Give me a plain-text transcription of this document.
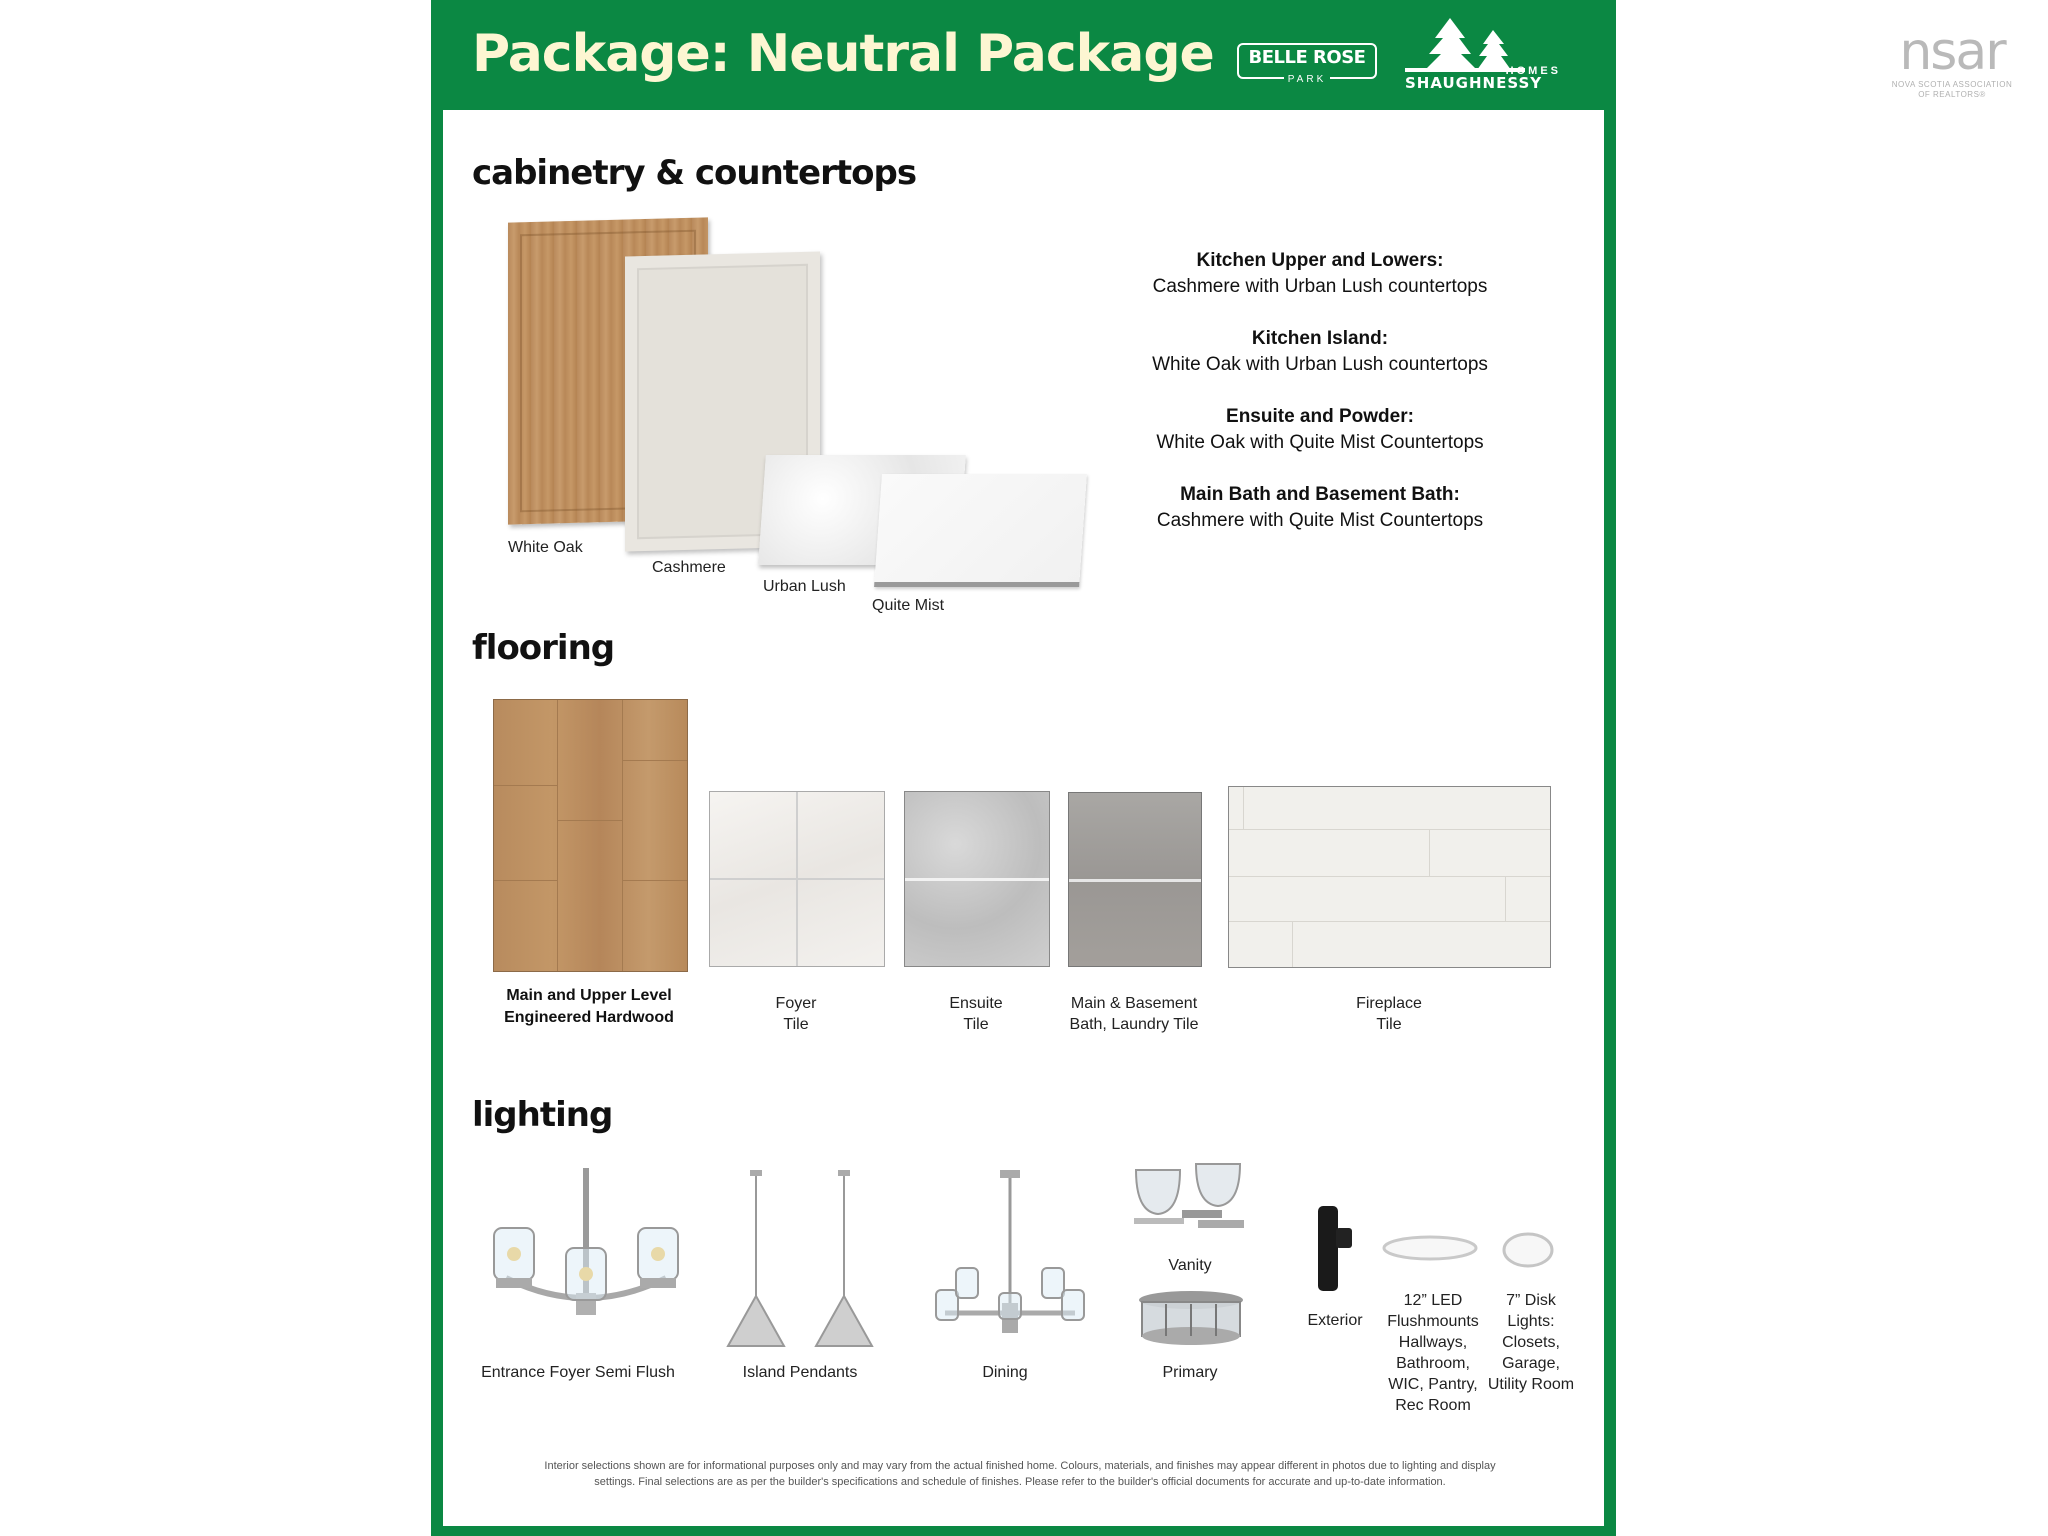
Package: Neutral Package	BELLE ROSE
PARK
HOMES
SHAUGHNESSY
nsar
NOVA SCOTIA ASSOCIATION
OF REALTORS®
cabinetry & countertops
White Oak
Cashmere
Urban Lush
Quite Mist
Kitchen Upper and Lowers:
Cashmere with Urban Lush countertops
Kitchen Island:
White Oak with Urban Lush countertops
Ensuite and Powder:
White Oak with Quite Mist Countertops
Main Bath and Basement Bath:
Cashmere with Quite Mist Countertops
flooring
Main and Upper Level
Engineered Hardwood
Foyer
Tile
Ensuite
Tile
Main & Basement
Bath, Laundry Tile
Fireplace
Tile
lighting
Vanity
Exterior
Entrance Foyer Semi Flush	Island Pendants	Dining	Primary
12” LED
Flushmounts
Hallways,
Bathroom,
WIC, Pantry,
Rec Room
7” Disk
Lights:
Closets,
Garage,
Utility Room
Interior selections shown are for informational purposes only and may vary from the actual finished home. Colours, materials, and finishes may appear different in photos due to lighting and display
settings. Final selections are as per the builder's specifications and schedule of finishes. Please refer to the builder's official documents for accurate and up-to-date information.
